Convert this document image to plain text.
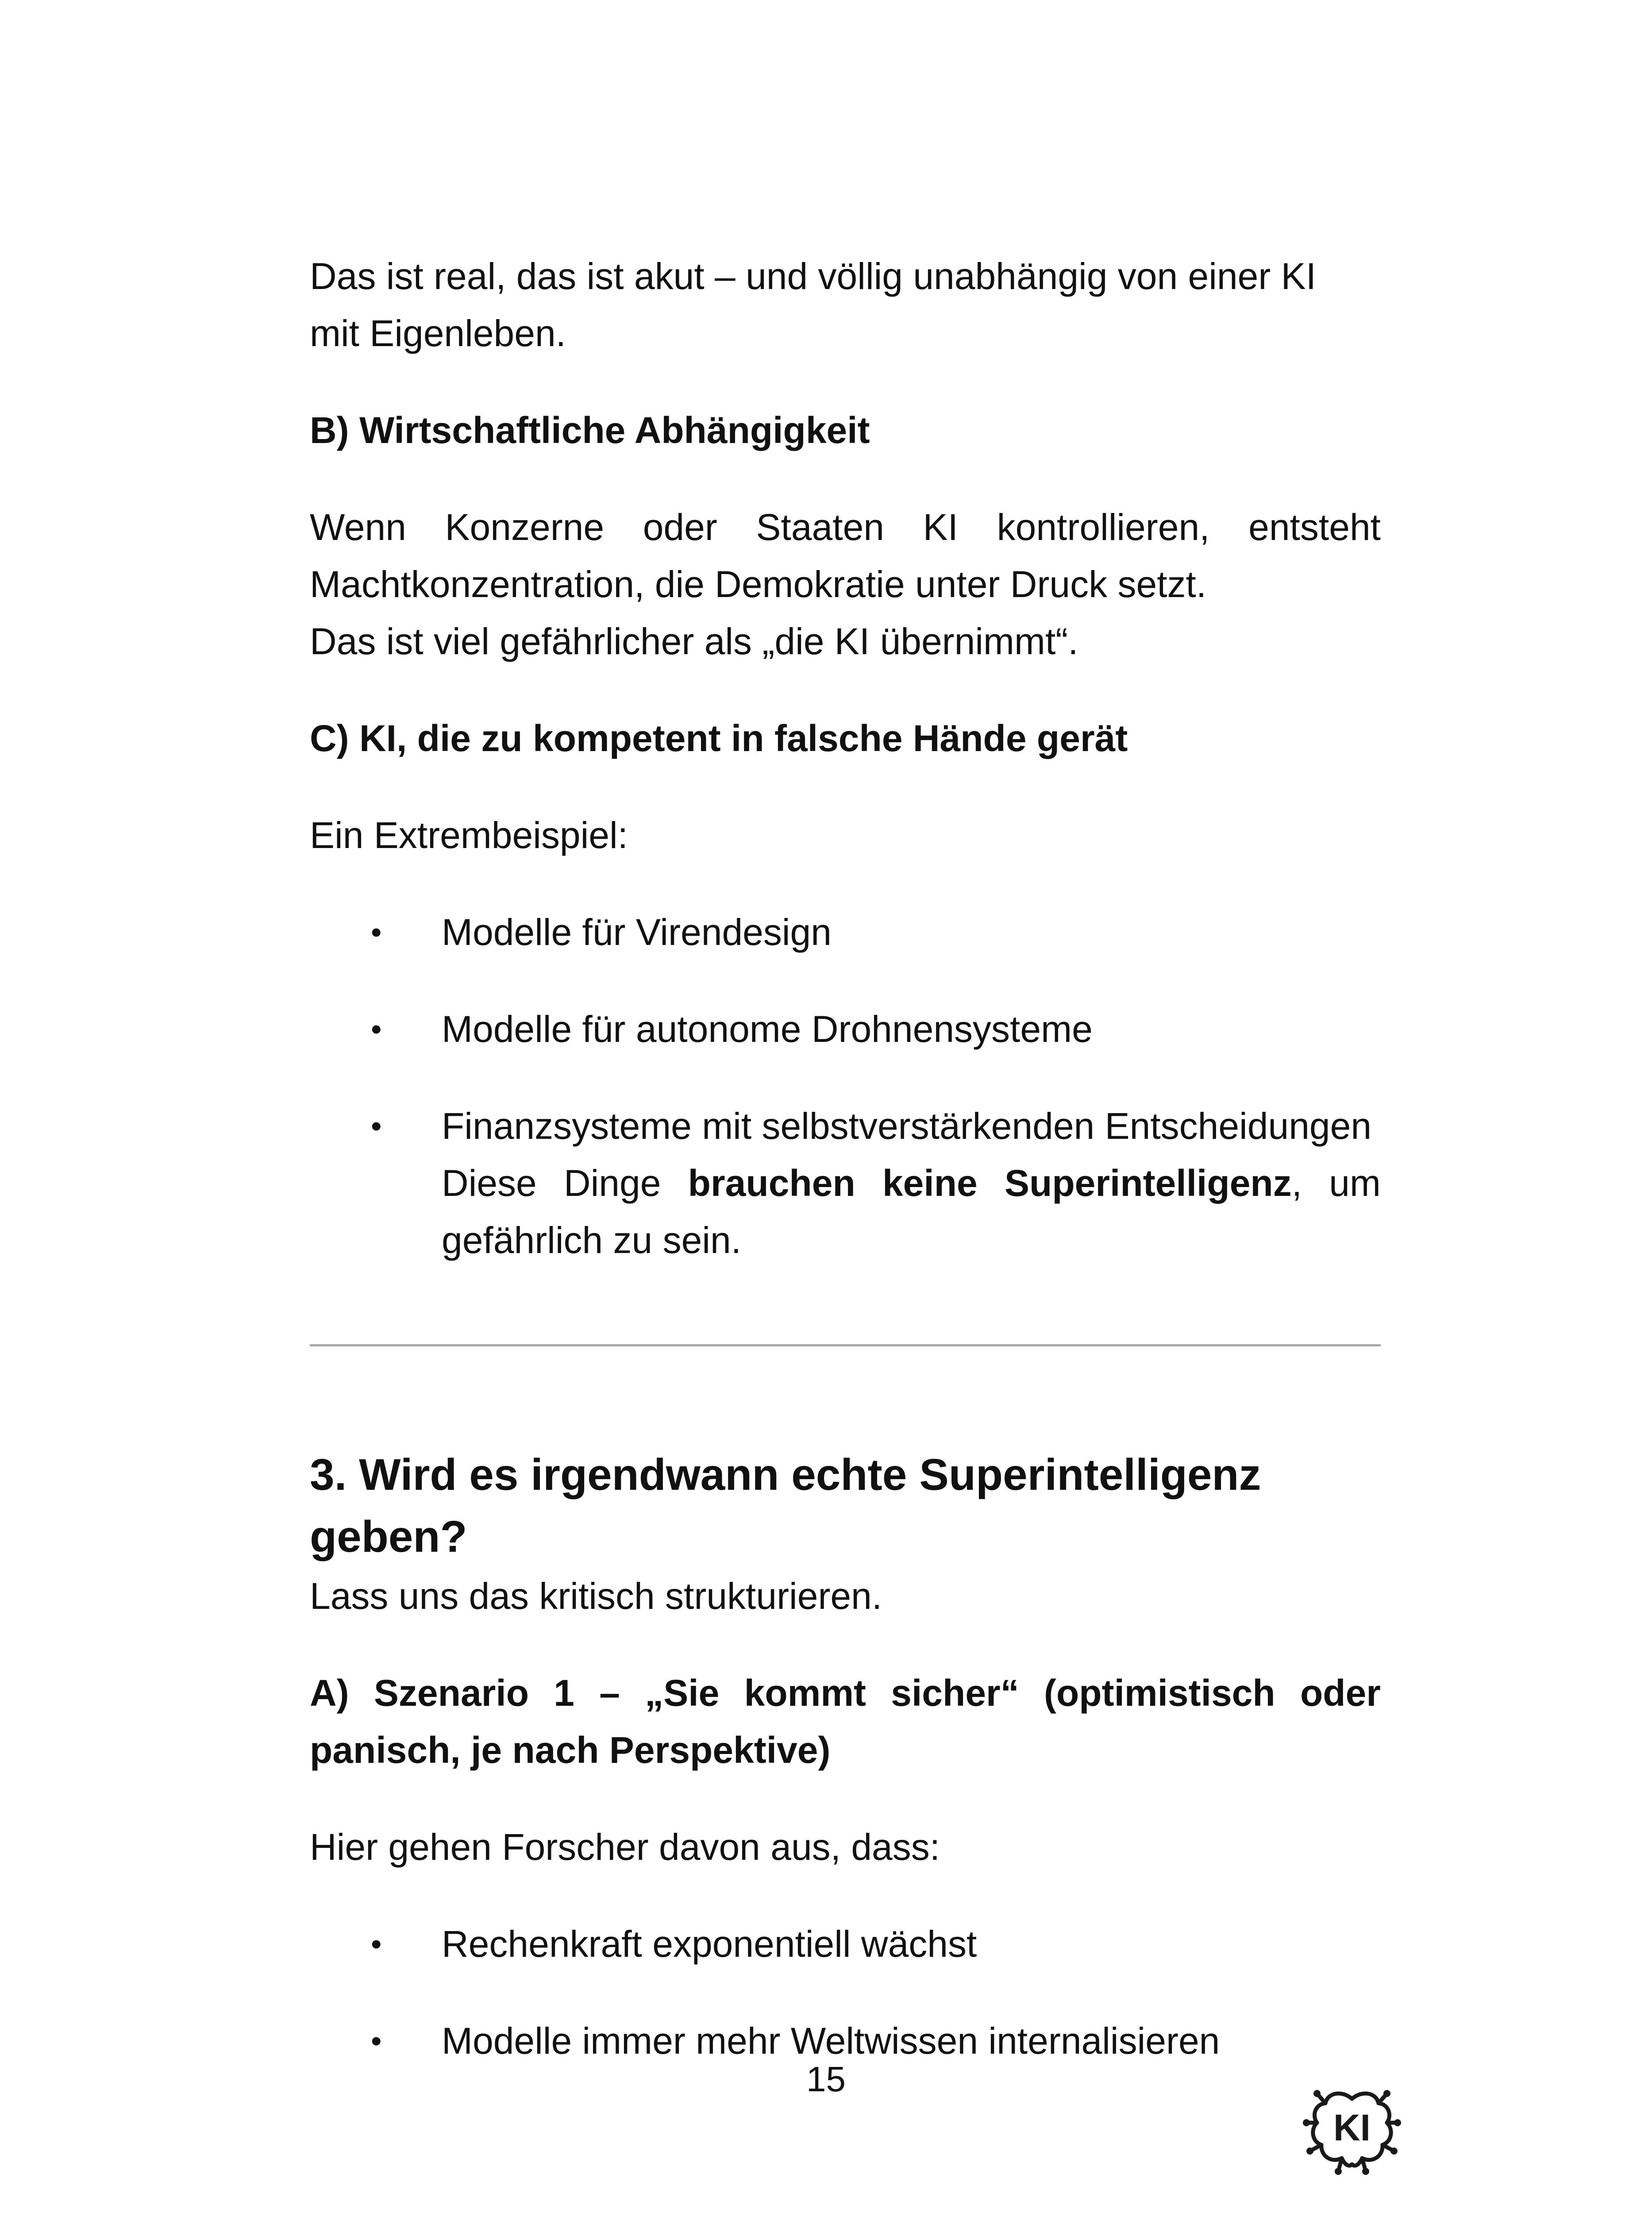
Das ist real, das ist akut – und völlig unabhängig von einer KI mit Eigenleben.

B) Wirtschaftliche Abhängigkeit

Wenn Konzerne oder Staaten KI kontrollieren, entsteht

Machtkonzentration, die Demokratie unter Druck setzt.

Das ist viel gefährlicher als „die KI übernimmt“.

C) KI, die zu kompetent in falsche Hände gerät

Ein Extrembeispiel:

•
Modelle für Virendesign
•
Modelle für autonome Drohnensysteme
•
Finanzsysteme mit selbstverstärkenden Entscheidungen
Diese Dinge brauchen keine Superintelligenz, um gefährlich zu sein.
3. Wird es irgendwann echte Superintelligenz geben?

Lass uns das kritisch strukturieren.

A) Szenario 1 – „Sie kommt sicher“ (optimistisch oder panisch, je nach Perspektive)

Hier gehen Forscher davon aus, dass:

•
Rechenkraft exponentiell wächst
•
Modelle immer mehr Weltwissen internalisieren
15
KI
